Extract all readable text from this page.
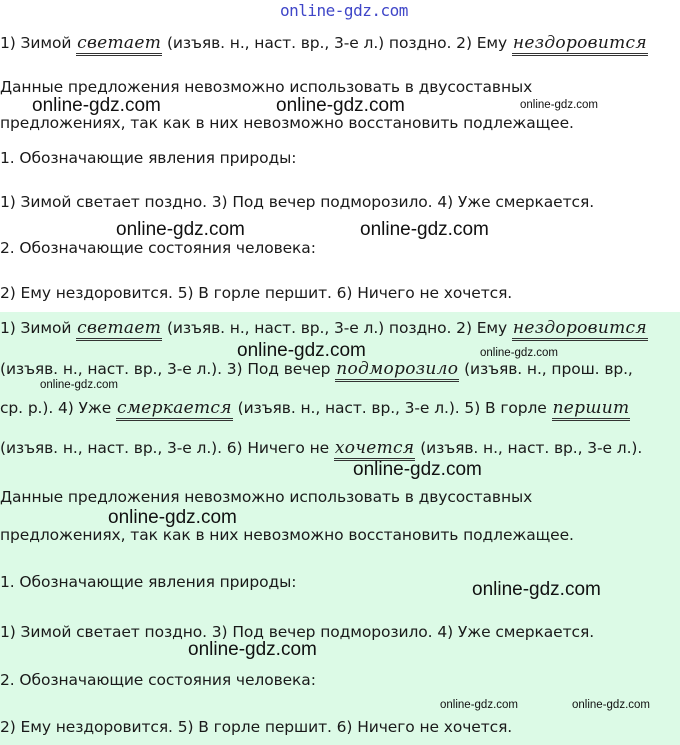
online-gdz.com
1) Зимой светает (изъяв. н., наст. вр., 3-е л.) поздно. 2) Ему нездоровится
Данные предложения невозможно использовать в двусоставных
предложениях, так как в них невозможно восстановить подлежащее.
1. Обозначающие явления природы:
1) Зимой светает поздно. 3) Под вечер подморозило. 4) Уже смеркается.
2. Обозначающие состояния человека:
2) Ему нездоровится. 5) В горле першит. 6) Ничего не хочется.
1) Зимой светает (изъяв. н., наст. вр., 3-е л.) поздно. 2) Ему нездоровится
(изъяв. н., наст. вр., 3-е л.). 3) Под вечер подморозило (изъяв. н., прош. вр.,
ср. р.). 4) Уже смеркается (изъяв. н., наст. вр., 3-е л.). 5) В горле першит
(изъяв. н., наст. вр., 3-е л.). 6) Ничего не хочется (изъяв. н., наст. вр., 3-е л.).
Данные предложения невозможно использовать в двусоставных
предложениях, так как в них невозможно восстановить подлежащее.
1. Обозначающие явления природы:
1) Зимой светает поздно. 3) Под вечер подморозило. 4) Уже смеркается.
2. Обозначающие состояния человека:
2) Ему нездоровится. 5) В горле першит. 6) Ничего не хочется.
online-gdz.com	online-gdz.com	online-gdz.com
online-gdz.com	online-gdz.com
online-gdz.com	online-gdz.com
online-gdz.com
online-gdz.com
online-gdz.com
online-gdz.com
online-gdz.com
online-gdz.com	online-gdz.com
